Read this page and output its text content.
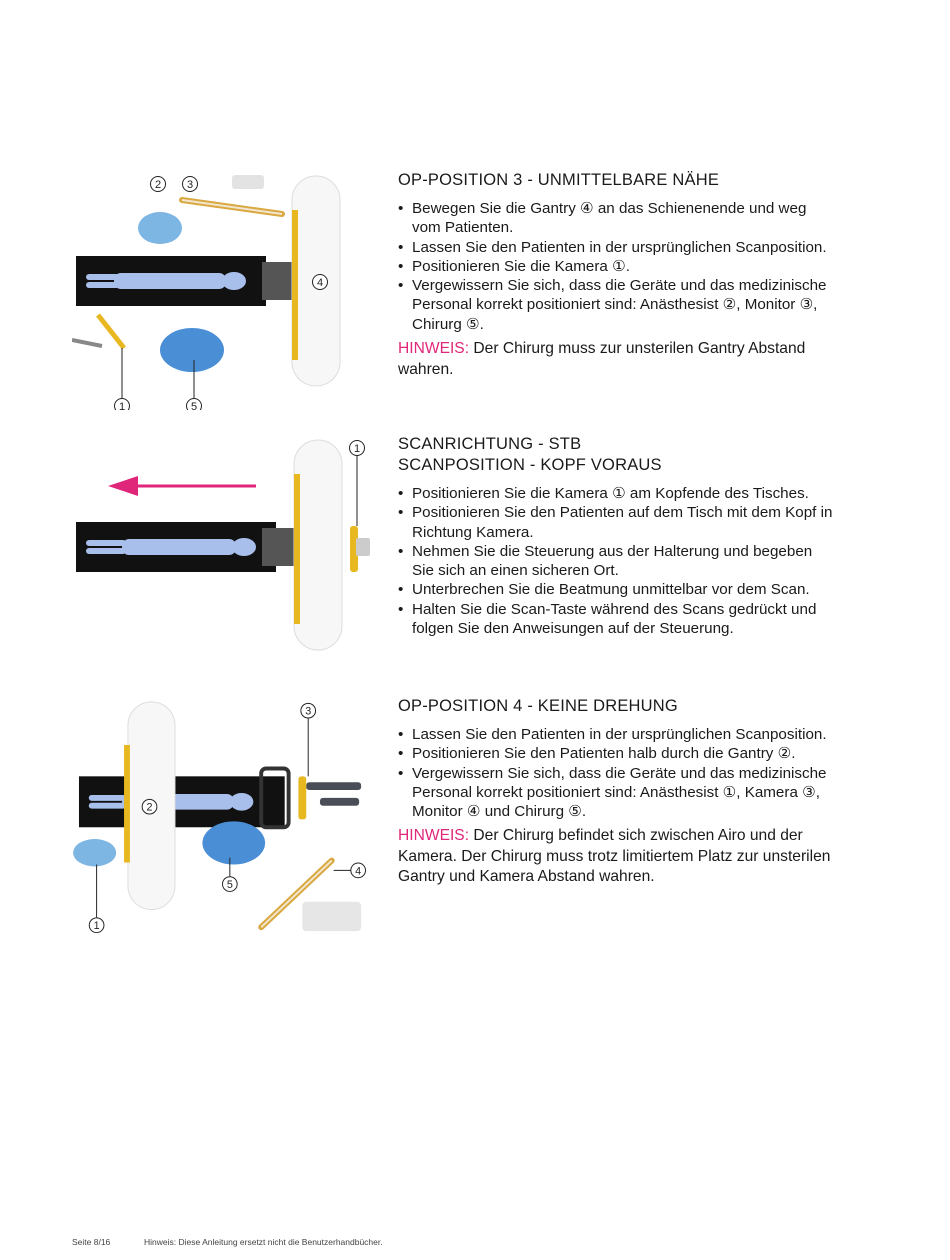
2 3
4
1	5
OP-POSITION 3 - UNMITTELBARE NÄHE
• Bewegen Sie die Gantry ④ an das Schienenende und weg vom Patienten.
• Lassen Sie den Patienten in der ursprünglichen Scanposition.
• Positionieren Sie die Kamera ①.
• Vergewissern Sie sich, dass die Geräte und das medizinische Personal korrekt positioniert sind: Anästhesist ②, Monitor ③, Chirurg ⑤.
HINWEIS: Der Chirurg muss zur unsterilen Gantry Abstand wahren.
1 SCANRICHTUNG - STB
SCANPOSITION - KOPF VORAUS
• Positionieren Sie die Kamera ① am Kopfende des Tisches.
• Positionieren Sie den Patienten auf dem Tisch mit dem Kopf in Richtung Kamera.
• Nehmen Sie die Steuerung aus der Halterung und begeben Sie sich an einen sicheren Ort.
• Unterbrechen Sie die Beatmung unmittelbar vor dem Scan.
• Halten Sie die Scan-Taste während des Scans gedrückt und folgen Sie den Anweisungen auf der Steuerung.
3
2
4
5
1
OP-POSITION 4 - KEINE DREHUNG
• Lassen Sie den Patienten in der ursprünglichen Scanposition.
• Positionieren Sie den Patienten halb durch die Gantry ②.
• Vergewissern Sie sich, dass die Geräte und das medizinische Personal korrekt positioniert sind: Anästhesist ①, Kamera ③, Monitor ④ und Chirurg ⑤.
HINWEIS: Der Chirurg befindet sich zwischen Airo und der Kamera. Der Chirurg muss trotz limitiertem Platz zur unsterilen Gantry und Kamera Abstand wahren.
Seite 8/16	Hinweis: Diese Anleitung ersetzt nicht die Benutzerhandbücher.
